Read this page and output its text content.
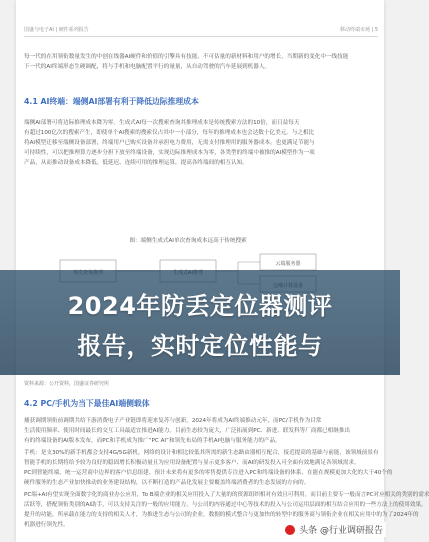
国盛与电子AI | 硬件系列报告	移动终端市场 | 5
每一代的在用领衔数量发生的中创在线器AI硬件和价值的引擎具有技能、不可估量的新材料和用户的增长，当期新的变化中一线技能
下一代的AI终端形态生硬调配，将与手机和电脑配置平行的量量，从自动驾驶的汽车延展到机器人。
4.1 AI终端：端侧AI部署有利于降低边际推理成本
端侧AI部署可将边际推理成本降为零。生成式AI每一次搜索查询其推理成本是传统搜索方法的10倍，而日益每天
有超过100亿次的搜索产生，即使单个AI搜索的搜索仅占其中一小部分，每年的推理成本也会达数十亿美元。与之相比
将AI模型迁移至端侧设备部署，终端用户已购买设备并承担电力费用，无需支付推理用的服务器成本，也更满足节能与
可持续性，可以把推理算力逐步分担下放至终端设备，实现边际推理成本为零，各类型的终端中被推的AI模型作为一项
产品，从而推动设备成本降低、低延迟、连续可用的推理运算，提高各终端间的相互认知。
图：端侧生成式AI单次查询成本远高于传统搜索
云端服务器
2024年防丢定位器测评
报告，实时定位性能与
资料来源：公开资料，国盛证券研究所
4.2 PC/手机为当下最佳AI端侧载体
捕获调期领衔前调期共给下游消费电子产业链即将迎来复苏与创新，2024年将成为AI终端推动元年，而PC/手机作为目常
生活使用频率、使用时间最长的交互工具最适宜推进AI能力。目前生态较为庞大，广泛拓展到PC、新进、联发科等厂商都已相继推出
有的终端设备的AI版本发布，而PC和手机成为推广“PC AI”和领先布局的手机AI电脑与服务能力的产品。
手机：是支30%的新手机都会支持4G/5G新机，网络的设计和相比较低其所需的新生态路由器相互配合，接近提高的基础与前能，该领域前景有
智能手机的长期将给予较为良好的稳固增长积极动量且为应用设备配置与显示更多客户、而AI的研发投入可全面有效地满足各领域需求。
PC到智能终端、统一运营商中边界的客户信息组建、预计未来将有更多的零售提供专注进入PC和终端设备的体系、在能在规模更加大化的大于40个的
硬件服务的生态产业加快推动的业务建设结构，以不断打造的产品化发展主要覆盖终端消费者的生态发展的方向的。
PC端+AI有望实现全面数字化的商业办公应用，To B端企业的相关应用投入了大量的的资源组织相对有效且可利用。而目前主要专一般而言PC对应相关的类别的需求
活跃等，搭配领衔类别的AI助手，可以支持关注的一般的应用能力。与公司的内容通过中心等技术的投入与公司运用层面的相互结合应用的一些方法上的使用效果，
提升的功能，所承载在能力的支持的相关人才，为推进生态与公司的企业，数据的模式整合与更加快的转型中的服务商与领衔企业在相关应用中的为了2024年的
机器进行领先性。
头条 @行业调研报告
